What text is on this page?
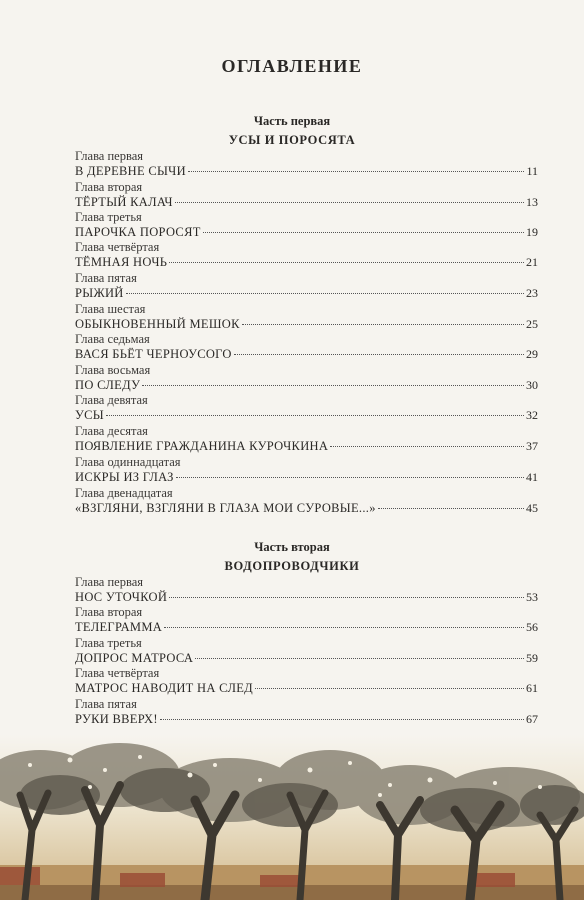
ОГЛАВЛЕНИЕ
Часть первая
УСЫ И ПОРОСЯТА
Глава первая
В ДЕРЕВНЕ СЫЧИ	11
Глава вторая
ТЁРТЫЙ КАЛАЧ	13
Глава третья
ПАРОЧКА ПОРОСЯТ	19
Глава четвёртая
ТЁМНАЯ НОЧЬ	21
Глава пятая
РЫЖИЙ	23
Глава шестая
ОБЫКНОВЕННЫЙ МЕШОК	25
Глава седьмая
ВАСЯ БЬЁТ ЧЕРНОУСОГО	29
Глава восьмая
ПО СЛЕДУ	30
Глава девятая
УСЫ	32
Глава десятая
ПОЯВЛЕНИЕ ГРАЖДАНИНА КУРОЧКИНА	37
Глава одиннадцатая
ИСКРЫ ИЗ ГЛАЗ	41
Глава двенадцатая
«ВЗГЛЯНИ, ВЗГЛЯНИ В ГЛАЗА МОИ СУРОВЫЕ...»	45
Часть вторая
ВОДОПРОВОДЧИКИ
Глава первая
НОС УТОЧКОЙ	53
Глава вторая
ТЕЛЕГРАММА	56
Глава третья
ДОПРОС МАТРОСА	59
Глава четвёртая
МАТРОС НАВОДИТ НА СЛЕД	61
Глава пятая
РУКИ ВВЕРХ!	67
